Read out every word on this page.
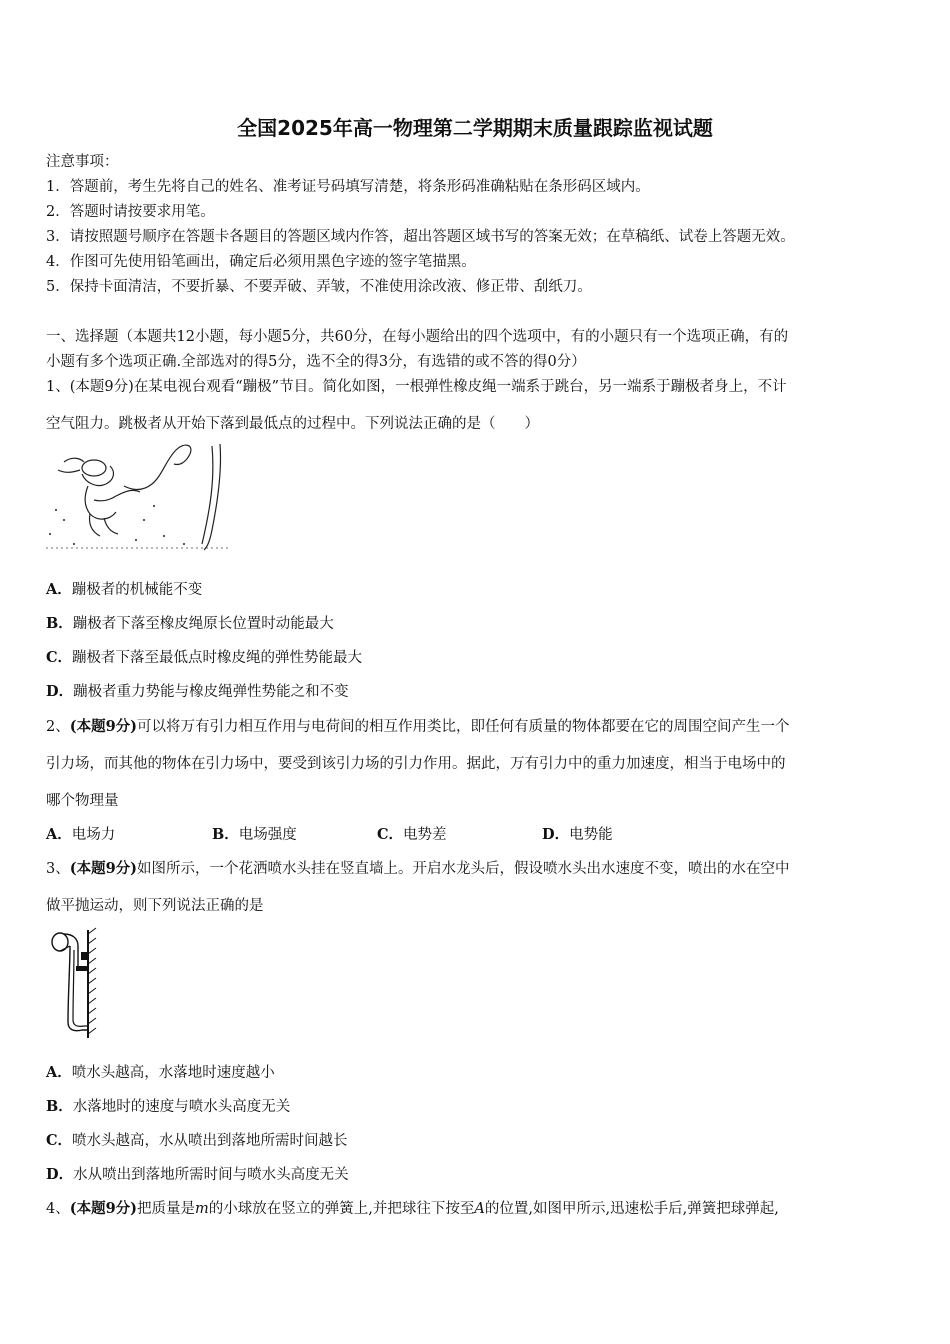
全国2025年高一物理第二学期期末质量跟踪监视试题
注意事项：
1．答题前，考生先将自己的姓名、准考证号码填写清楚，将条形码准确粘贴在条形码区域内。
2．答题时请按要求用笔。
3．请按照题号顺序在答题卡各题目的答题区域内作答，超出答题区域书写的答案无效；在草稿纸、试卷上答题无效。
4．作图可先使用铅笔画出，确定后必须用黑色字迹的签字笔描黑。
5．保持卡面清洁，不要折暴、不要弄破、弄皱，不准使用涂改液、修正带、刮纸刀。
一、选择题（本题共12小题，每小题5分，共60分，在每小题给出的四个选项中，有的小题只有一个选项正确，有的
小题有多个选项正确.全部选对的得5分，选不全的得3分，有选错的或不答的得0分）
1、(本题9分)在某电视台观看“蹦极”节目。简化如图，一根弹性橡皮绳一端系于跳台，另一端系于蹦极者身上，不计
空气阻力。跳极者从开始下落到最低点的过程中。下列说法正确的是（　　）
A．蹦极者的机械能不变
B．蹦极者下落至橡皮绳原长位置时动能最大
C．蹦极者下落至最低点时橡皮绳的弹性势能最大
D．蹦极者重力势能与橡皮绳弹性势能之和不变
2、(本题9分)可以将万有引力相互作用与电荷间的相互作用类比，即任何有质量的物体都要在它的周围空间产生一个
引力场，而其他的物体在引力场中，要受到该引力场的引力作用。据此，万有引力中的重力加速度，相当于电场中的
哪个物理量
A．电场力	B．电场强度	C．电势差	D．电势能
3、(本题9分)如图所示，一个花洒喷水头挂在竖直墙上。开启水龙头后，假设喷水头出水速度不变，喷出的水在空中
做平抛运动，则下列说法正确的是
A．喷水头越高，水落地时速度越小
B．水落地时的速度与喷水头高度无关
C．喷水头越高，水从喷出到落地所需时间越长
D．水从喷出到落地所需时间与喷水头高度无关
4、(本题9分)把质量是m的小球放在竖立的弹簧上,并把球往下按至A的位置,如图甲所示,迅速松手后,弹簧把球弹起,
